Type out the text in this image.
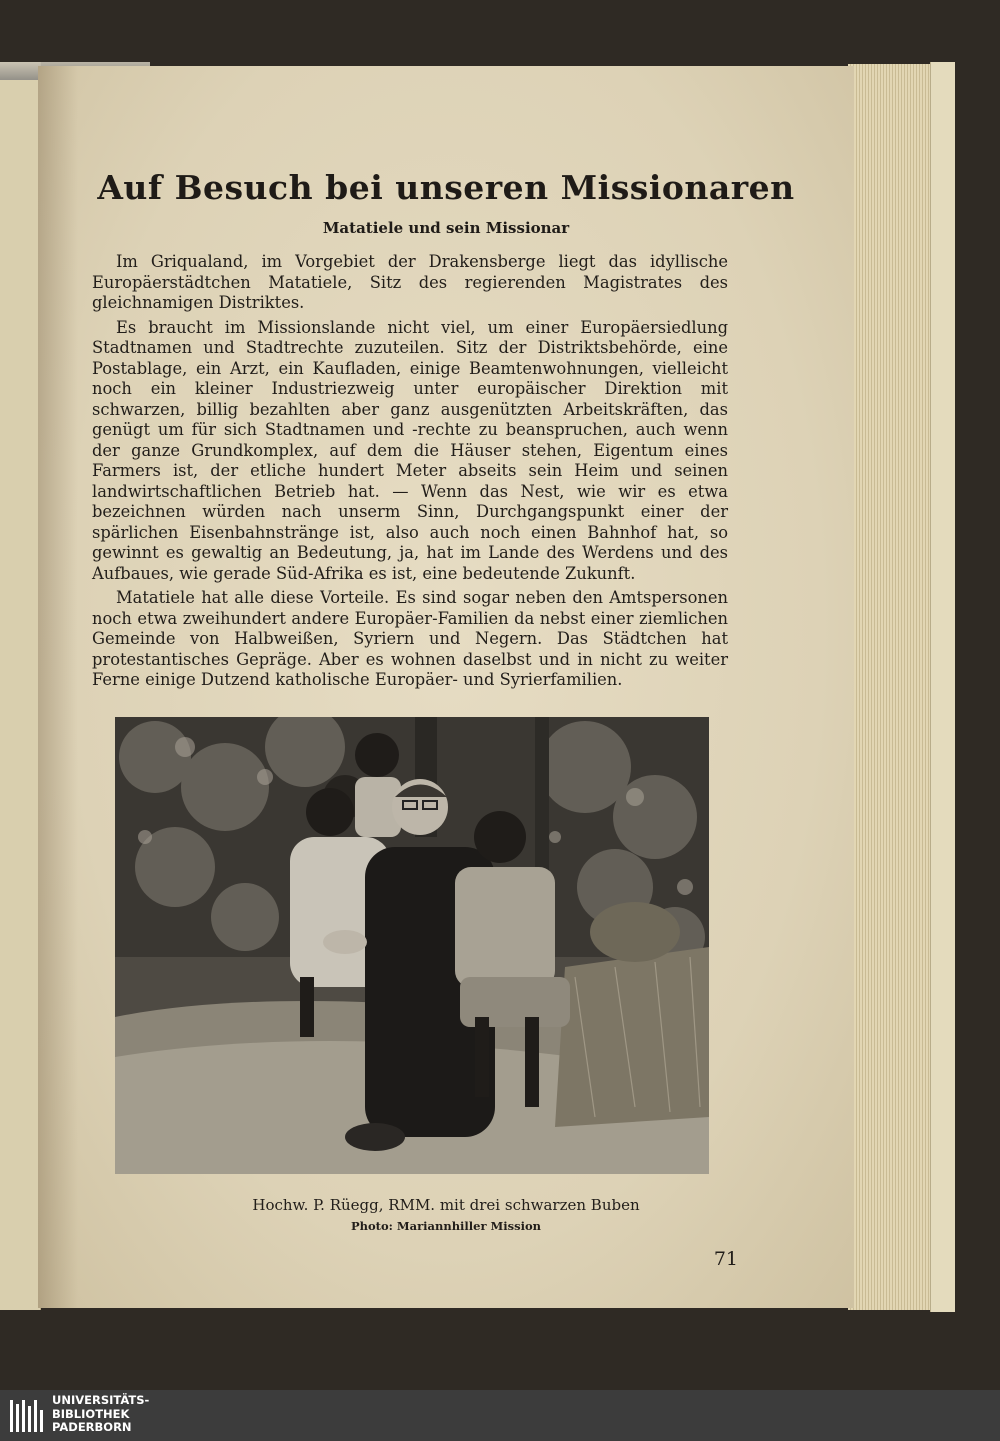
Auf Besuch bei unseren Missionaren
Matatiele und sein Missionar

Im Griqualand, im Vorgebiet der Drakensberge liegt das idyllische Europäerstädtchen Matatiele, Sitz des regierenden Magistrates des gleichnamigen Distriktes.

Es braucht im Missionslande nicht viel, um einer Europäersiedlung Stadtnamen und Stadtrechte zuzuteilen. Sitz der Distriktsbehörde, eine Postablage, ein Arzt, ein Kaufladen, einige Beamtenwohnungen, vielleicht noch ein kleiner Industriezweig unter europäischer Direktion mit schwarzen, billig bezahlten aber ganz ausgenützten Arbeitskräften, das genügt um für sich Stadtnamen und -rechte zu beanspruchen, auch wenn der ganze Grundkomplex, auf dem die Häuser stehen, Eigentum eines Farmers ist, der etliche hundert Meter abseits sein Heim und seinen landwirtschaftlichen Betrieb hat. — Wenn das Nest, wie wir es etwa bezeichnen würden nach unserm Sinn, Durchgangspunkt einer der spärlichen Eisenbahnstränge ist, also auch noch einen Bahnhof hat, so gewinnt es gewaltig an Bedeutung, ja, hat im Lande des Werdens und des Aufbaues, wie gerade Süd-Afrika es ist, eine bedeutende Zukunft.

Matatiele hat alle diese Vorteile. Es sind sogar neben den Amtspersonen noch etwa zweihundert andere Europäer-Familien da nebst einer ziemlichen Gemeinde von Halbweißen, Syriern und Negern. Das Städtchen hat protestantisches Gepräge. Aber es wohnen daselbst und in nicht zu weiter Ferne einige Dutzend katholische Europäer- und Syrierfamilien.

Hochw. P. Rüegg, RMM. mit drei schwarzen Buben
Photo: Mariannhiller Mission
71
UNIVERSITÄTS-
BIBLIOTHEK
PADERBORN
